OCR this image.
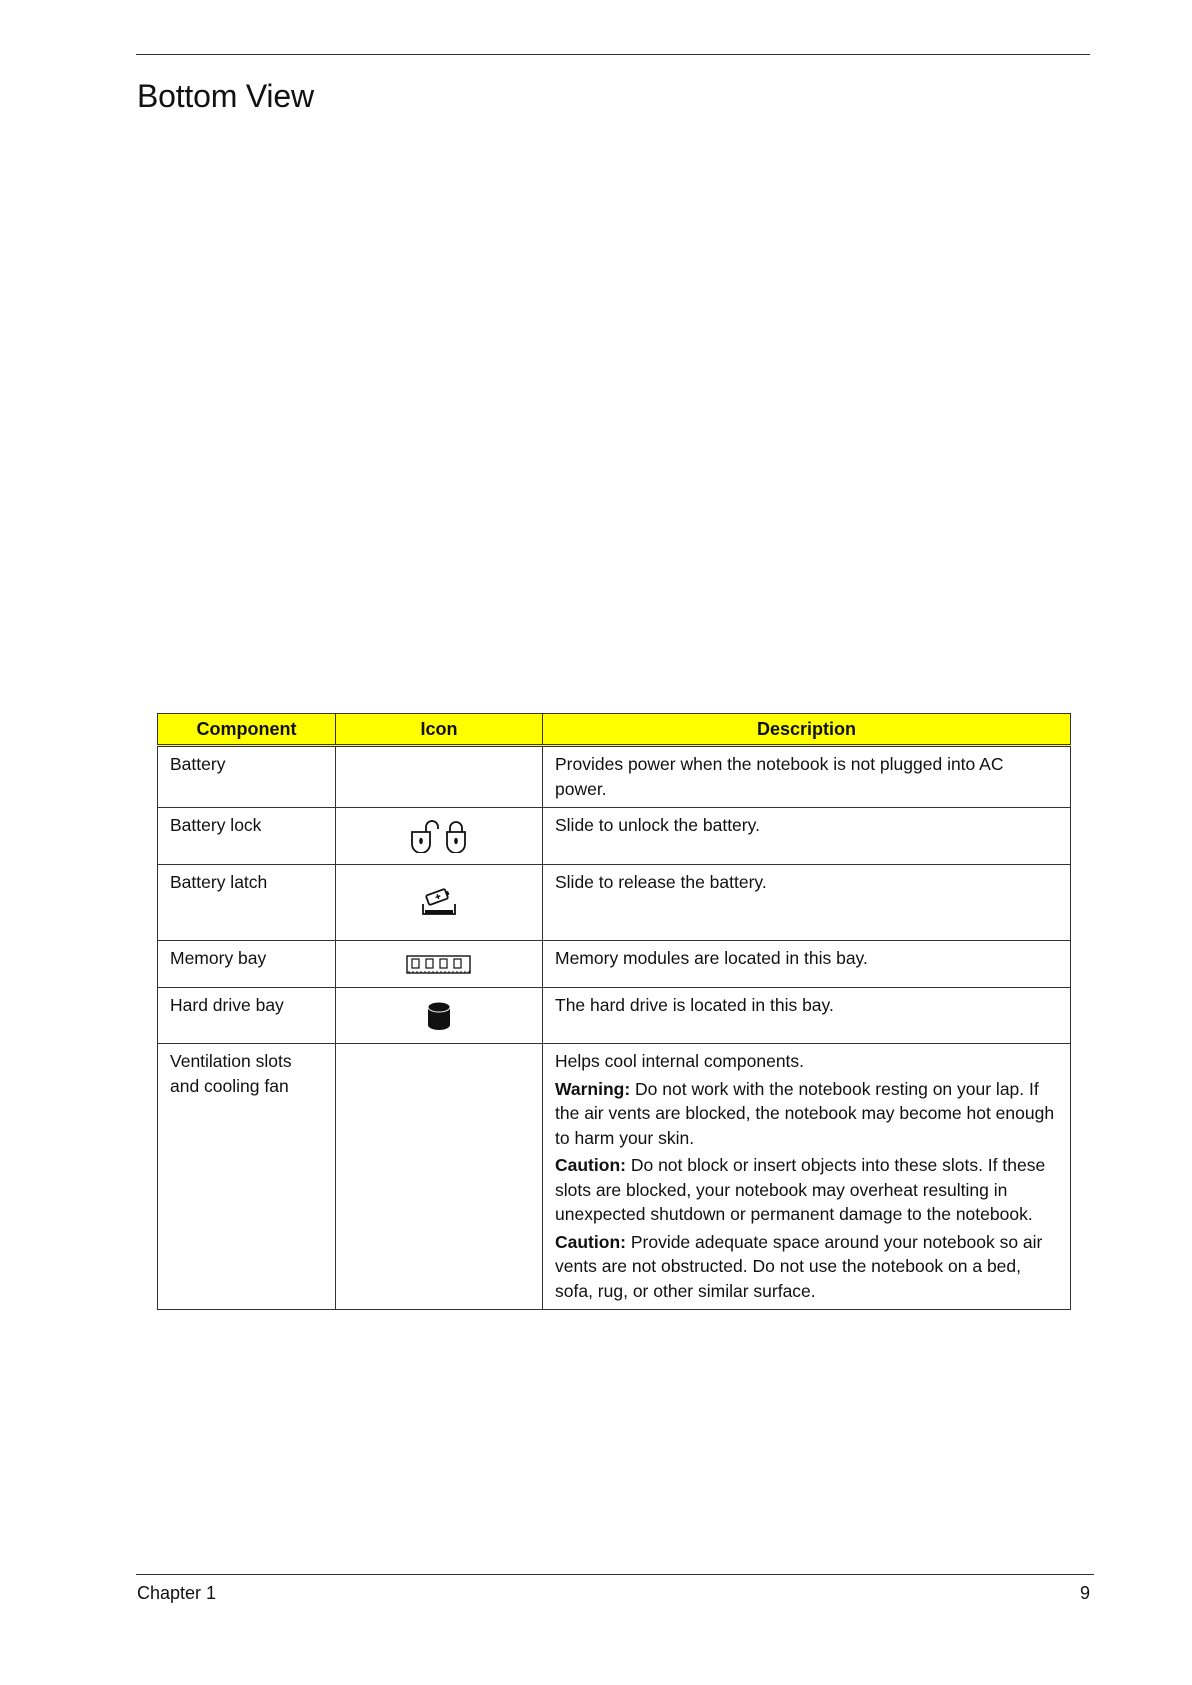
Bottom View
Component	Icon	Description
Battery		Provides power when the notebook is not plugged into AC power.
Battery lock		Slide to unlock the battery.
Battery latch		Slide to release the battery.
Memory bay		Memory modules are located in this bay.
Hard drive bay		The hard drive is located in this bay.
Ventilation slots and cooling fan		Helps cool internal components.

Warning: Do not work with the notebook resting on your lap. If the air vents are blocked, the notebook may become hot enough to harm your skin.

Caution: Do not block or insert objects into these slots. If these slots are blocked, your notebook may overheat resulting in unexpected shutdown or permanent damage to the notebook.

Caution: Provide adequate space around your notebook so air vents are not obstructed. Do not use the notebook on a bed, sofa, rug, or other similar surface.

Chapter 1	9
